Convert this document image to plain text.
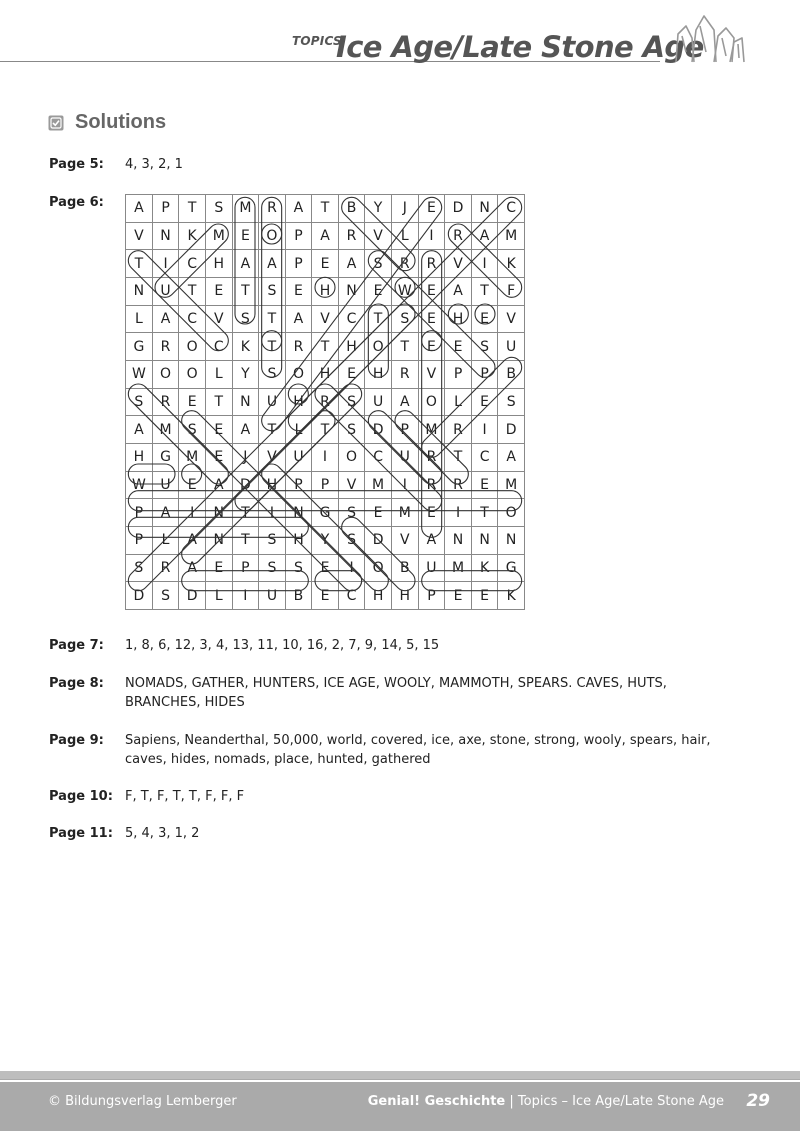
TOPICS
Ice Age/Late Stone Age
Solutions
Page 5: 4, 3, 2, 1
Page 6: A	P	T	S	M	R	A	T	B	Y	J	E	D	N	C
V	N	K	M	E	O	P	A	R	V	L	I	R	A	M
T	I	C	H	A	A	P	E	A	S	R	R	V	I	K
N	U	T	E	T	S	E	H	N	E	W	E	A	T	F
L	A	C	V	S	T	A	V	C	T	S	E	H	E	V
G	R	O	C	K	T	R	T	H	O	T	E	E	S	U
W	O	O	L	Y	S	O	H	E	H	R	V	P	P	B
S	R	E	T	N	U	H	R	S	U	A	O	L	E	S
A	M	S	E	A	T	L	T	S	D	P	M	R	I	D
H	G	M	E	J	V	U	I	O	C	U	R	T	C	A
W	U	E	A	D	H	P	P	V	M	I	R	R	E	M
P	A	I	N	T	I	N	G	S	E	M	E	I	T	O
P	L	A	N	T	S	H	Y	S	D	V	A	N	N	N
S	R	A	E	P	S	S	E	I	O	B	U	M	K	G
D	S	D	L	I	U	B	E	C	H	H	P	E	E	K
Page 7: 1, 8, 6, 12, 3, 4, 13, 11, 10, 16, 2, 7, 9, 14, 5, 15
Page 8: NOMADS, GATHER, HUNTERS, ICE AGE, WOOLY, MAMMOTH, SPEARS. CAVES, HUTS, BRANCHES, HIDES
Page 9: Sapiens, Neanderthal, 50,000, world, covered, ice, axe, stone, strong, wooly, spears, hair, caves, hides, nomads, place, hunted, gathered
Page 10: F, T, F, T, T, F, F, F
Page 11: 5, 4, 3, 1, 2
© Bildungsverlag Lemberger	Genial! Geschichte | Topics – Ice Age/Late Stone Age 29
